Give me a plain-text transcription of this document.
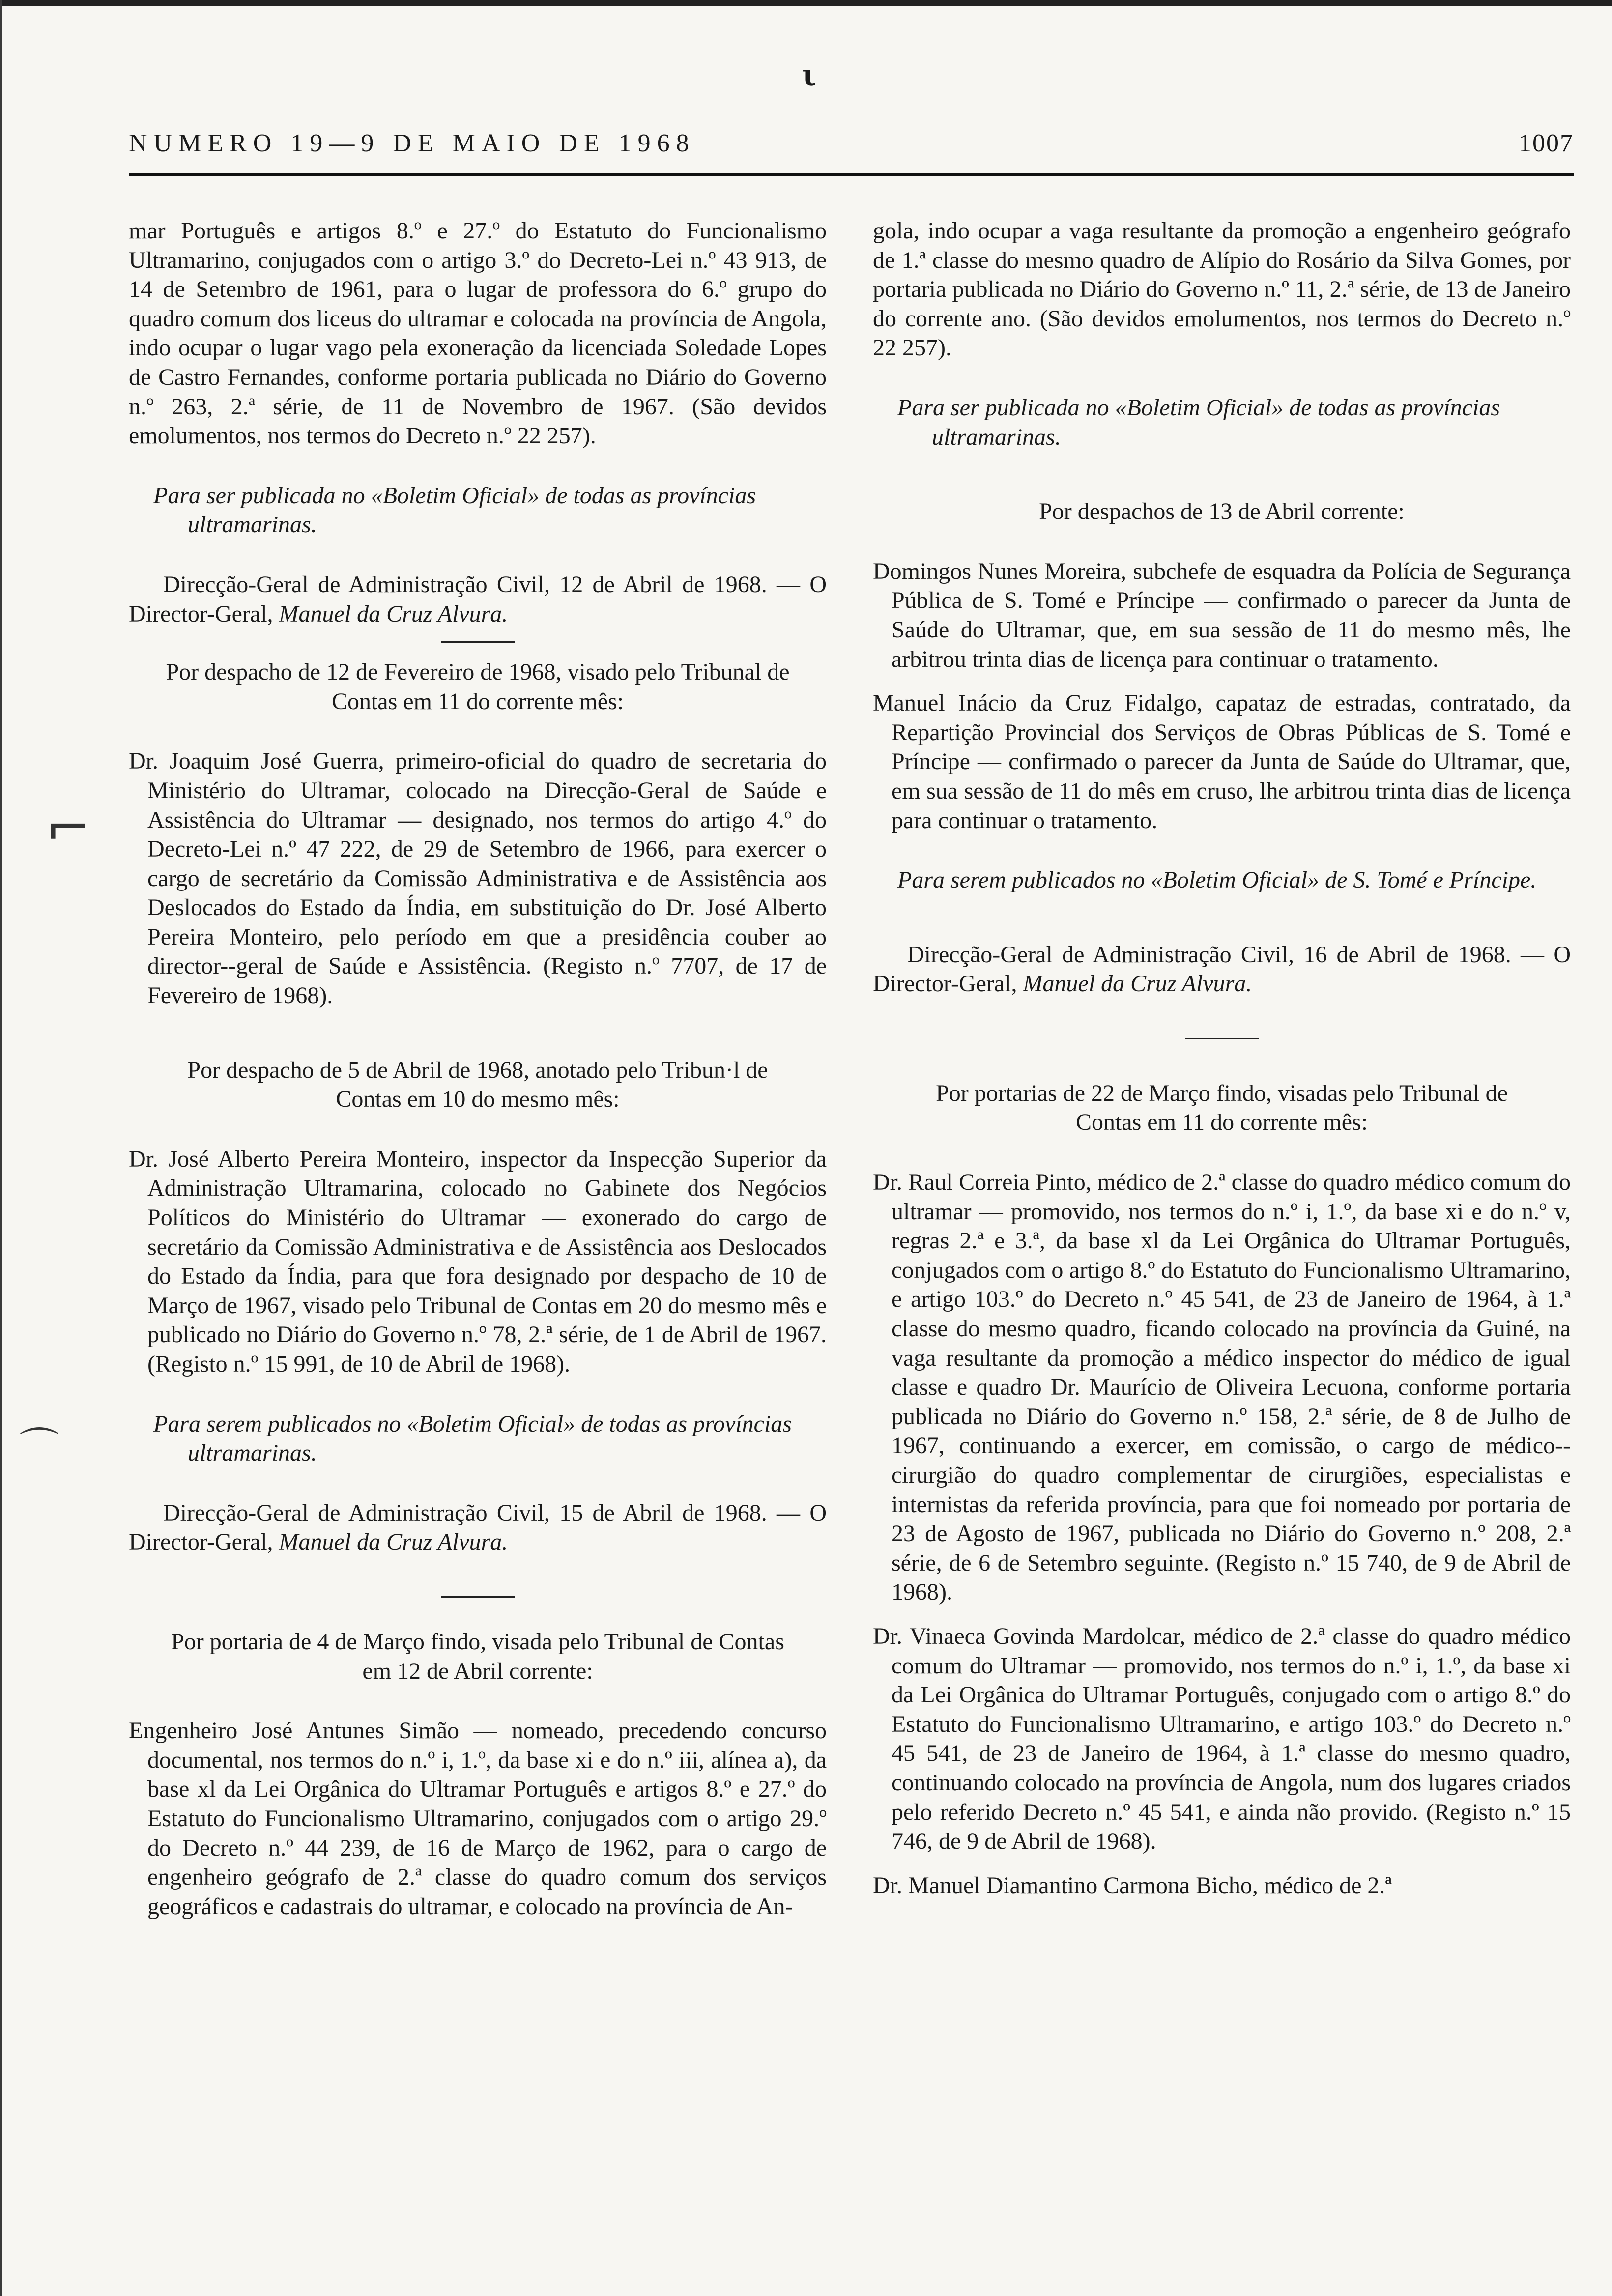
ι
NUMERO 19—9 DE MAIO DE 1968	1007
⌐
⌒

mar Português e artigos 8.º e 27.º do Estatuto do Funcionalismo Ultramarino, conjugados com o artigo 3.º do Decreto-Lei n.º 43 913, de 14 de Setembro de 1961, para o lugar de professora do 6.º grupo do quadro comum dos liceus do ultramar e colocada na província de Angola, indo ocupar o lugar vago pela exoneração da licenciada Soledade Lopes de Castro Fernandes, conforme portaria publicada no Diário do Governo n.º 263, 2.ª série, de 11 de Novembro de 1967. (São devidos emolumentos, nos termos do Decreto n.º 22 257).

Para ser publicada no «Boletim Oficial» de todas as províncias ultramarinas.

Direcção-Geral de Administração Civil, 12 de Abril de 1968. — O Director-Geral, Manuel da Cruz Alvura.

Por despacho de 12 de Fevereiro de 1968, visado pelo Tribunal de Contas em 11 do corrente mês:

Dr. Joaquim José Guerra, primeiro-oficial do quadro de secretaria do Ministério do Ultramar, colocado na Direcção-Geral de Saúde e Assistência do Ultramar — designado, nos termos do artigo 4.º do Decreto-Lei n.º 47 222, de 29 de Setembro de 1966, para exercer o cargo de secretário da Comissão Administrativa e de Assistência aos Deslocados do Estado da Índia, em substituição do Dr. José Alberto Pereira Monteiro, pelo período em que a presidência couber ao director--geral de Saúde e Assistência. (Registo n.º 7707, de 17 de Fevereiro de 1968).

Por despacho de 5 de Abril de 1968, anotado pelo Tribun·l de Contas em 10 do mesmo mês:

Dr. José Alberto Pereira Monteiro, inspector da Inspecção Superior da Administração Ultramarina, colocado no Gabinete dos Negócios Políticos do Ministério do Ultramar — exonerado do cargo de secretário da Comissão Administrativa e de Assistência aos Deslocados do Estado da Índia, para que fora designado por despacho de 10 de Março de 1967, visado pelo Tribunal de Contas em 20 do mesmo mês e publicado no Diário do Governo n.º 78, 2.ª série, de 1 de Abril de 1967. (Registo n.º 15 991, de 10 de Abril de 1968).

Para serem publicados no «Boletim Oficial» de todas as províncias ultramarinas.

Direcção-Geral de Administração Civil, 15 de Abril de 1968. — O Director-Geral, Manuel da Cruz Alvura.

Por portaria de 4 de Março findo, visada pelo Tribunal de Contas em 12 de Abril corrente:

Engenheiro José Antunes Simão — nomeado, precedendo concurso documental, nos termos do n.º i, 1.º, da base xi e do n.º iii, alínea a), da base xl da Lei Orgânica do Ultramar Português e artigos 8.º e 27.º do Estatuto do Funcionalismo Ultramarino, conjugados com o artigo 29.º do Decreto n.º 44 239, de 16 de Março de 1962, para o cargo de engenheiro geógrafo de 2.ª classe do quadro comum dos serviços geográficos e cadastrais do ultramar, e colocado na província de An-

gola, indo ocupar a vaga resultante da promoção a engenheiro geógrafo de 1.ª classe do mesmo quadro de Alípio do Rosário da Silva Gomes, por portaria publicada no Diário do Governo n.º 11, 2.ª série, de 13 de Janeiro do corrente ano. (São devidos emolumentos, nos termos do Decreto n.º 22 257).

Para ser publicada no «Boletim Oficial» de todas as províncias ultramarinas.

Por despachos de 13 de Abril corrente:

Domingos Nunes Moreira, subchefe de esquadra da Polícia de Segurança Pública de S. Tomé e Príncipe — confirmado o parecer da Junta de Saúde do Ultramar, que, em sua sessão de 11 do mesmo mês, lhe arbitrou trinta dias de licença para continuar o tratamento.

Manuel Inácio da Cruz Fidalgo, capataz de estradas, contratado, da Repartição Provincial dos Serviços de Obras Públicas de S. Tomé e Príncipe — confirmado o parecer da Junta de Saúde do Ultramar, que, em sua sessão de 11 do mês em cruso, lhe arbitrou trinta dias de licença para continuar o tratamento.

Para serem publicados no «Boletim Oficial» de S. Tomé e Príncipe.

Direcção-Geral de Administração Civil, 16 de Abril de 1968. — O Director-Geral, Manuel da Cruz Alvura.

Por portarias de 22 de Março findo, visadas pelo Tribunal de Contas em 11 do corrente mês:

Dr. Raul Correia Pinto, médico de 2.ª classe do quadro médico comum do ultramar — promovido, nos termos do n.º i, 1.º, da base xi e do n.º v, regras 2.ª e 3.ª, da base xl da Lei Orgânica do Ultramar Português, conjugados com o artigo 8.º do Estatuto do Funcionalismo Ultramarino, e artigo 103.º do Decreto n.º 45 541, de 23 de Janeiro de 1964, à 1.ª classe do mesmo quadro, ficando colocado na província da Guiné, na vaga resultante da promoção a médico inspector do médico de igual classe e quadro Dr. Maurício de Oliveira Lecuona, conforme portaria publicada no Diário do Governo n.º 158, 2.ª série, de 8 de Julho de 1967, continuando a exercer, em comissão, o cargo de médico--cirurgião do quadro complementar de cirurgiões, especialistas e internistas da referida província, para que foi nomeado por portaria de 23 de Agosto de 1967, publicada no Diário do Governo n.º 208, 2.ª série, de 6 de Setembro seguinte. (Registo n.º 15 740, de 9 de Abril de 1968).

Dr. Vinaeca Govinda Mardolcar, médico de 2.ª classe do quadro médico comum do Ultramar — promovido, nos termos do n.º i, 1.º, da base xi da Lei Orgânica do Ultramar Português, conjugado com o artigo 8.º do Estatuto do Funcionalismo Ultramarino, e artigo 103.º do Decreto n.º 45 541, de 23 de Janeiro de 1964, à 1.ª classe do mesmo quadro, continuando colocado na província de Angola, num dos lugares criados pelo referido Decreto n.º 45 541, e ainda não provido. (Registo n.º 15 746, de 9 de Abril de 1968).

Dr. Manuel Diamantino Carmona Bicho, médico de 2.ª
